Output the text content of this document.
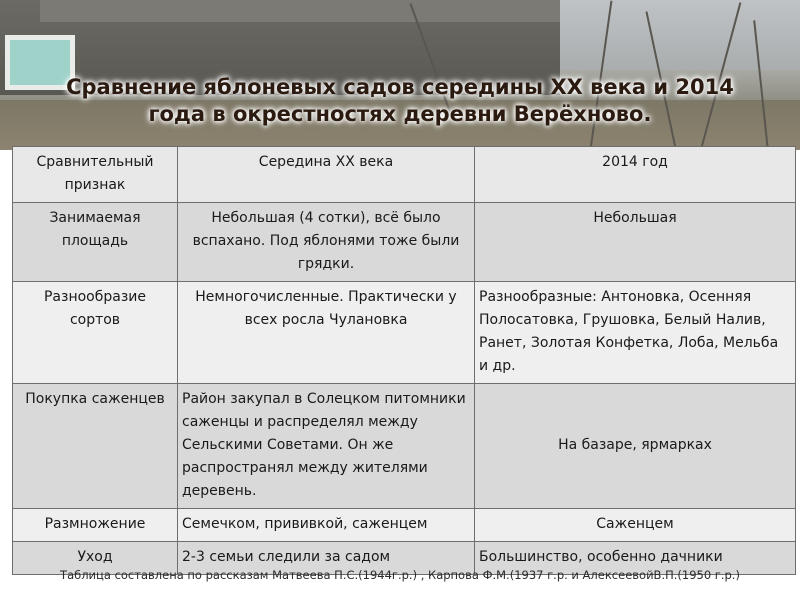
Сравнение яблоневых садов середины ХХ века и 2014
года в окрестностях деревни Верёхново.
Сравнительный признак	Середина ХХ века	2014 год
Занимаемая площадь	Небольшая (4 сотки), всё было вспахано. Под яблонями тоже были грядки.	Небольшая
Разнообразие сортов	Немногочисленные. Практически у всех росла Чулановка	Разнообразные: Антоновка, Осенняя Полосатовка, Грушовка, Белый Налив, Ранет, Золотая Конфетка, Лоба, Мельба и др.
Покупка саженцев	Район закупал в Солецком питомники саженцы и распределял между Сельскими Советами. Он же распространял между жителями деревень.	На базаре, ярмарках
Размножение	Семечком, прививкой, саженцем	Саженцем
Уход	2-3 семьи следили за садом	Большинство, особенно дачники
Таблица составлена по рассказам Матвеева П.С.(1944г.р.) , Карпова Ф.М.(1937 г.р. и АлексеевойВ.П.(1950 г.р.)
